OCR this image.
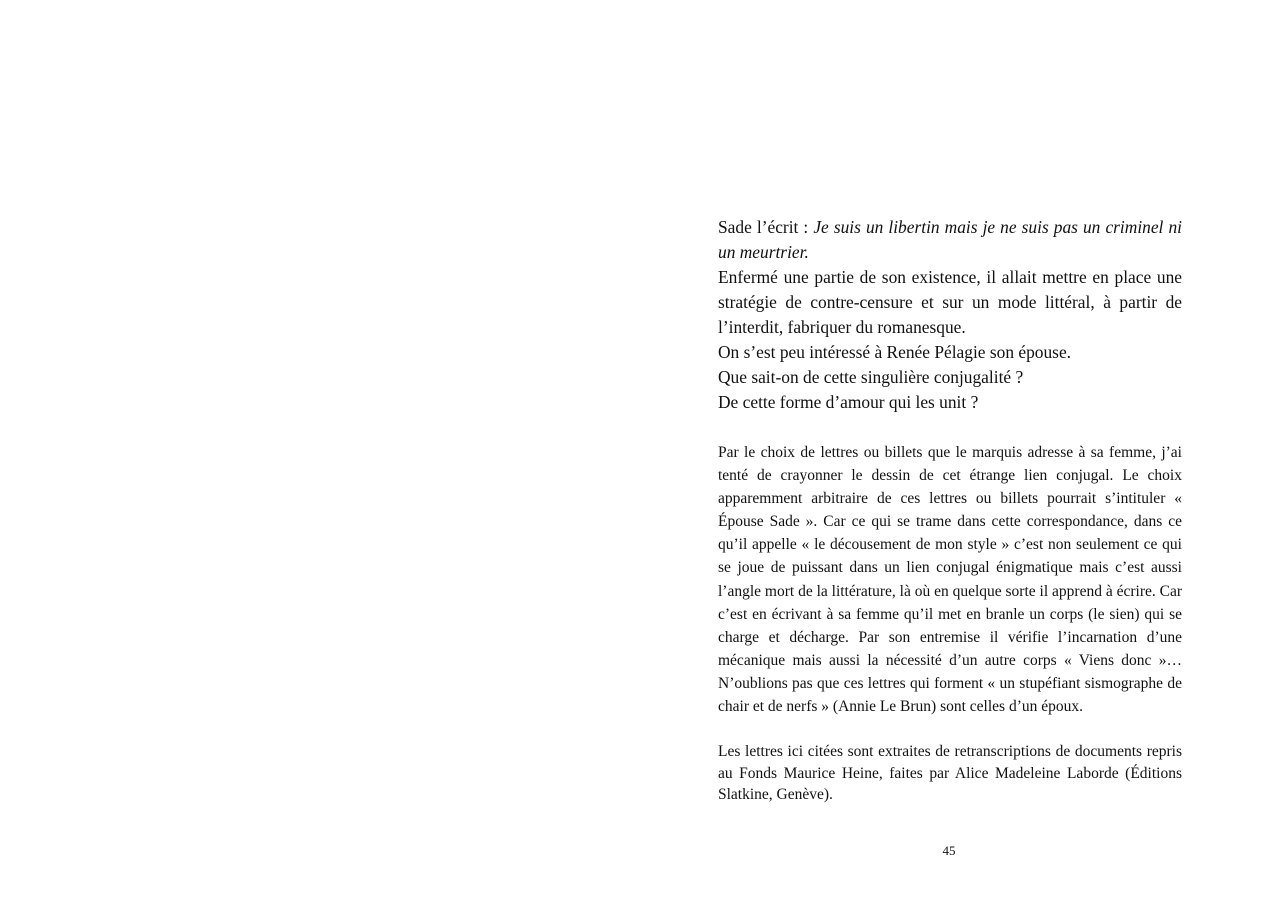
Sade l’écrit : Je suis un libertin mais je ne suis pas un criminel ni un meurtrier.

Enfermé une partie de son existence, il allait mettre en place une stratégie de contre-censure et sur un mode littéral, à partir de l’interdit, fabriquer du romanesque.

On s’est peu intéressé à Renée Pélagie son épouse.

Que sait-on de cette singulière conjugalité ?

De cette forme d’amour qui les unit ?

Par le choix de lettres ou billets que le marquis adresse à sa femme, j’ai tenté de crayonner le dessin de cet étrange lien conjugal. Le choix apparemment arbitraire de ces lettres ou billets pourrait s’intituler « Épouse Sade ». Car ce qui se trame dans cette correspondance, dans ce qu’il appelle « le décousement de mon style » c’est non seulement ce qui se joue de puissant dans un lien conjugal énigmatique mais c’est aussi l’angle mort de la littérature, là où en quelque sorte il apprend à écrire. Car c’est en écrivant à sa femme qu’il met en branle un corps (le sien) qui se charge et décharge. Par son entremise il vérifie l’incarnation d’une mécanique mais aussi la nécessité d’un autre corps « Viens donc »… N’oublions pas que ces lettres qui forment « un stupéfiant sismographe de chair et de nerfs » (Annie Le Brun) sont celles d’un époux.

Les lettres ici citées sont extraites de retranscriptions de documents repris au Fonds Maurice Heine, faites par Alice Madeleine Laborde (Éditions Slatkine, Genève).

45
